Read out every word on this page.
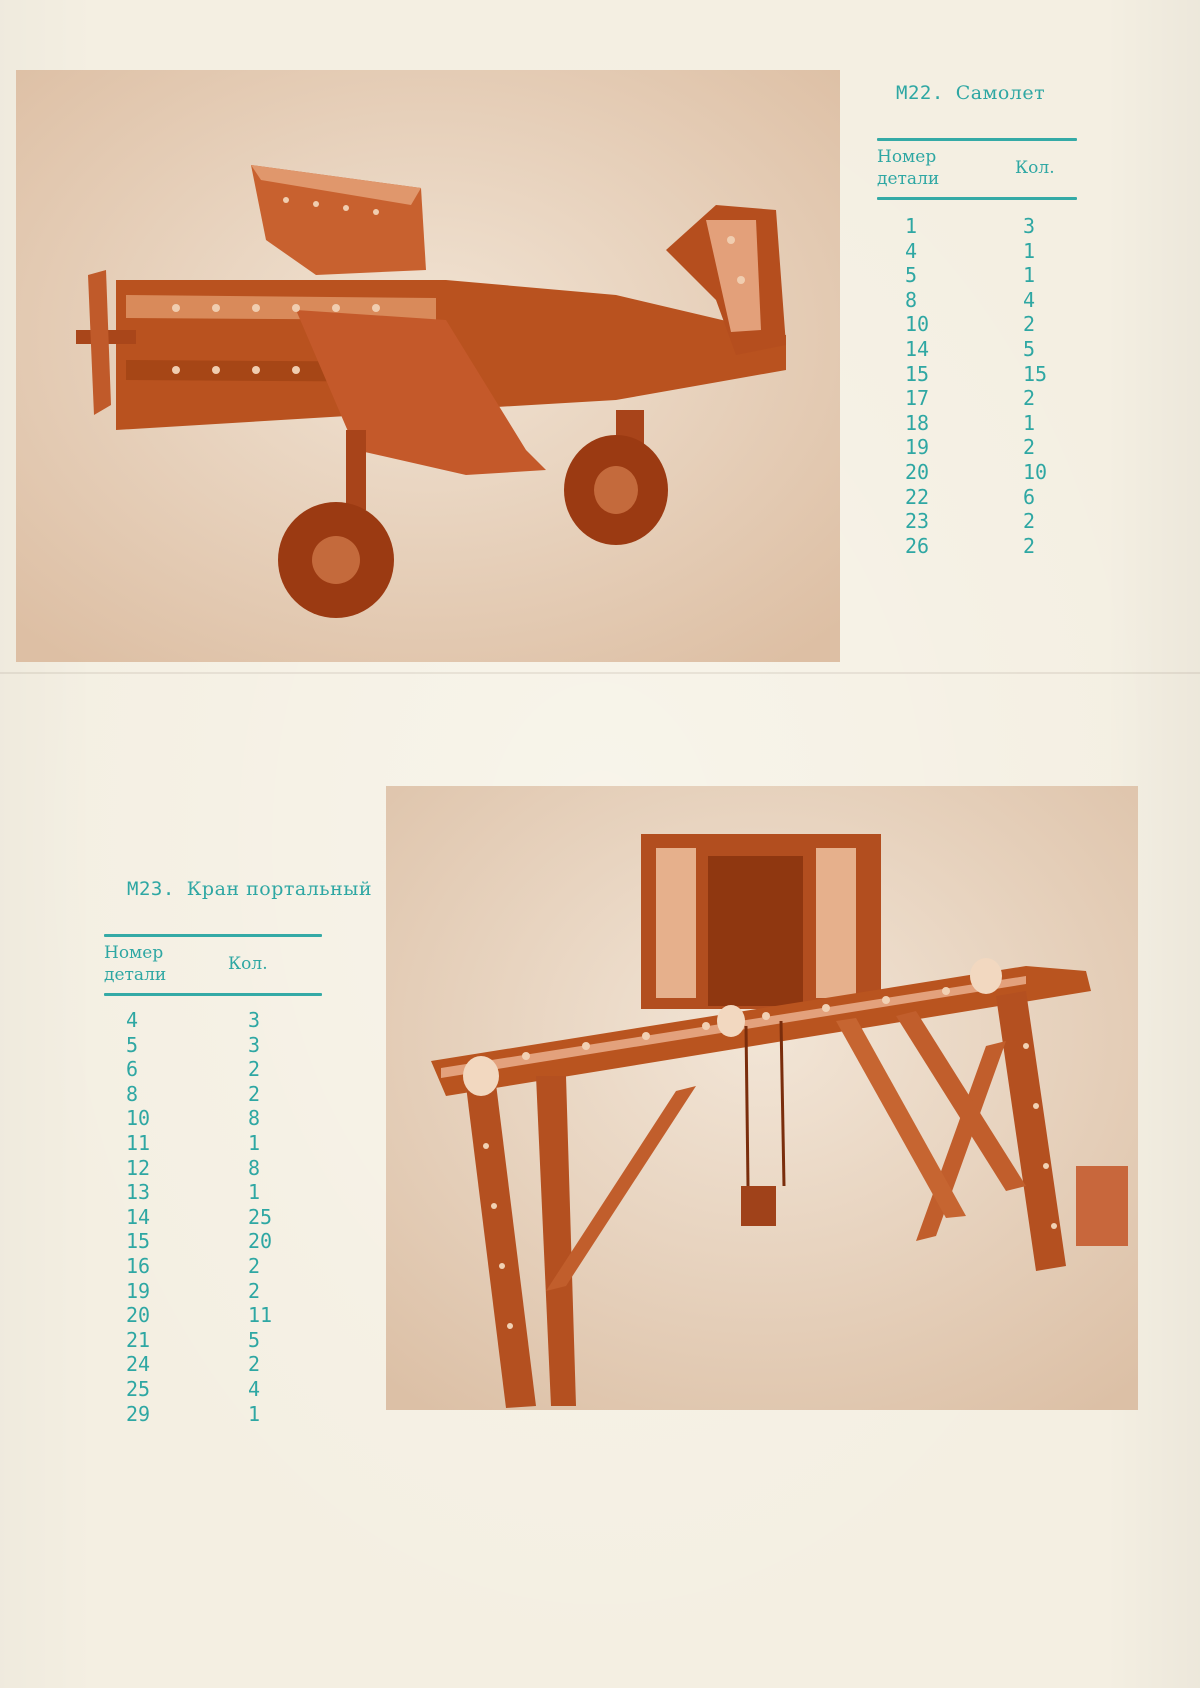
M22. Самолет
Номер
детали
Кол.
1	3
4	1
5	1
8	4
10	2
14	5
15	15
17	2
18	1
19	2
20	10
22	6
23	2
26	2
M23. Кран портальный
Номер
детали
Кол.
4	3
5	3
6	2
8	2
10	8
11	1
12	8
13	1
14	25
15	20
16	2
19	2
20	11
21	5
24	2
25	4
29	1
